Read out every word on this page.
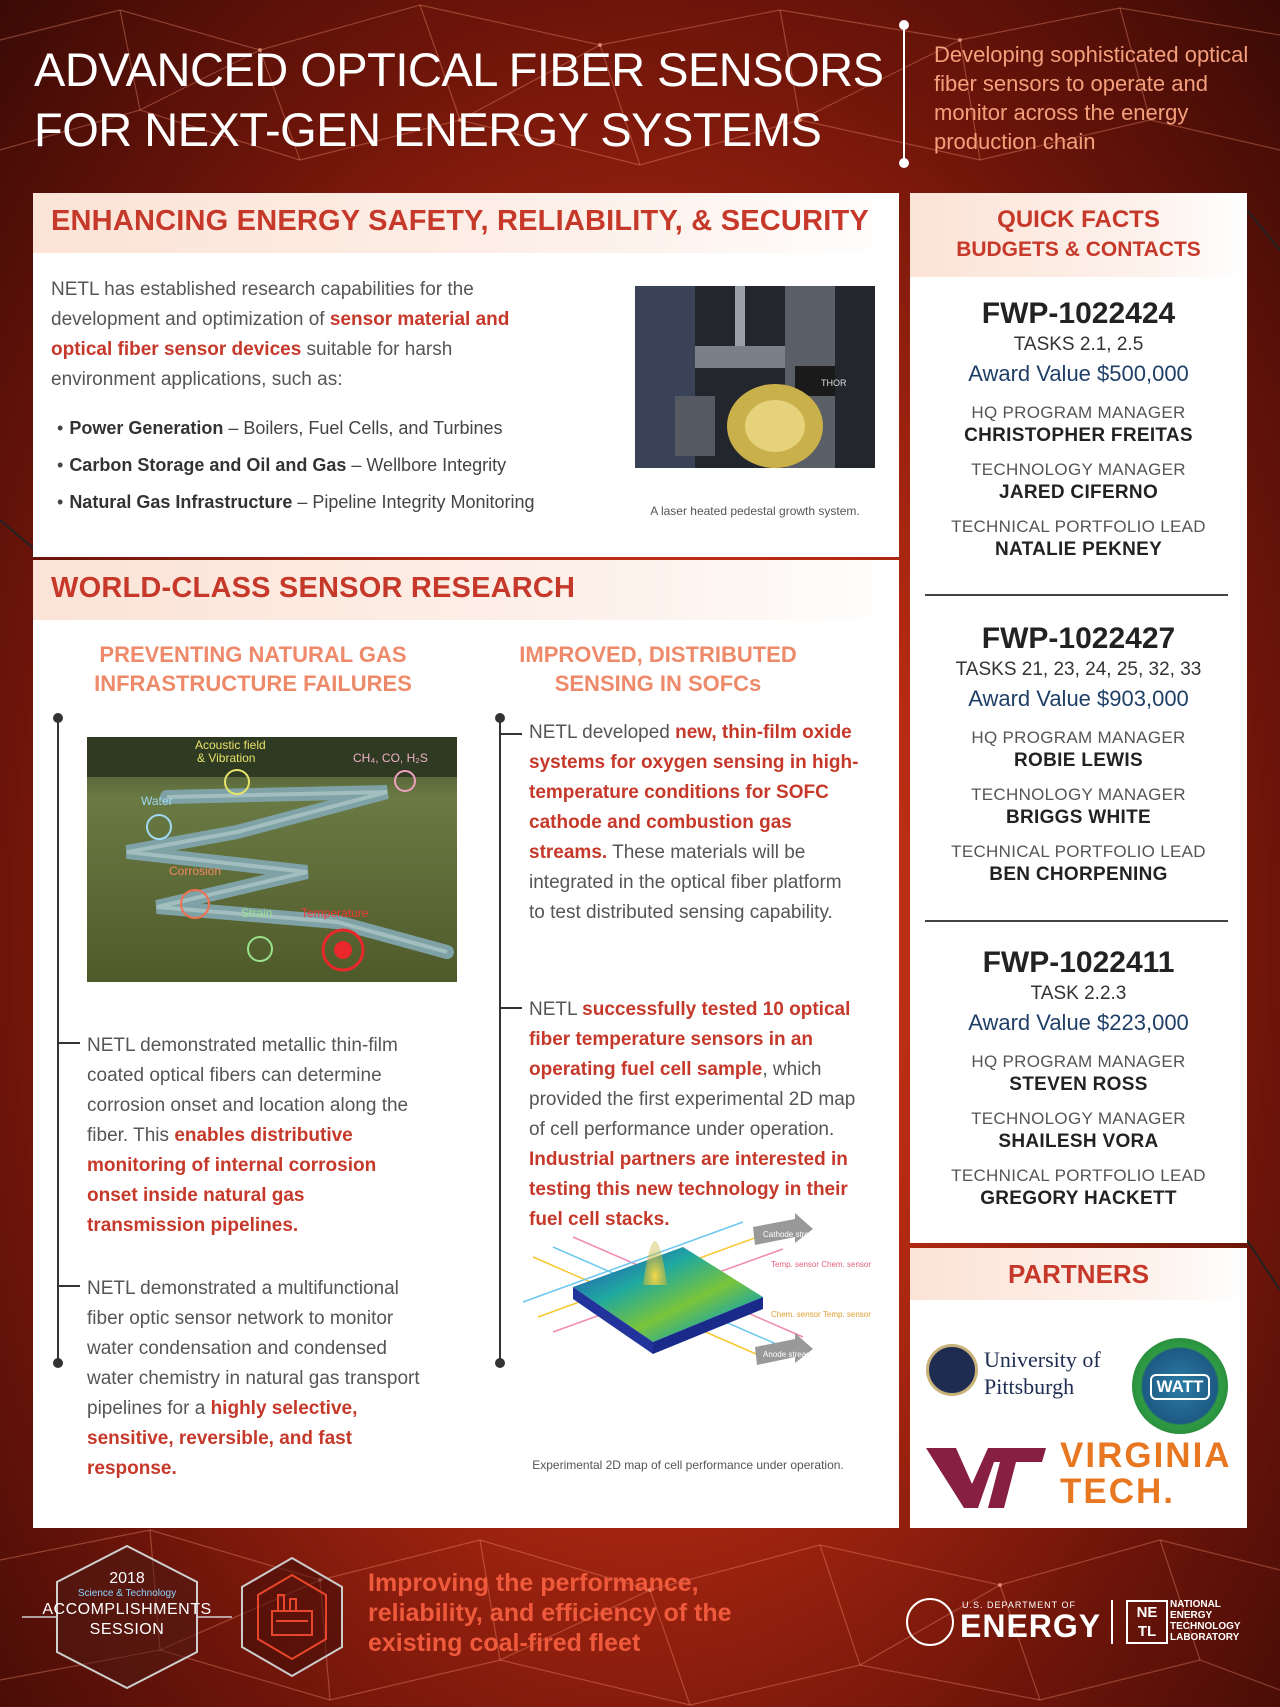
ADVANCED OPTICAL FIBER SENSORS
FOR NEXT-GEN ENERGY SYSTEMS
Developing sophisticated optical fiber sensors to operate and monitor across the energy production chain
ENHANCING ENERGY SAFETY, RELIABILITY, & SECURITY

NETL has established research capabilities for the development and optimization of sensor material and optical fiber sensor devices suitable for harsh environment applications, such as:

• Power Generation – Boilers, Fuel Cells, and Turbines
• Carbon Storage and Oil and Gas – Wellbore Integrity
• Natural Gas Infrastructure – Pipeline Integrity Monitoring
THOR
A laser heated pedestal growth system.
WORLD-CLASS SENSOR RESEARCH
PREVENTING NATURAL GAS
INFRASTRUCTURE FAILURES
Acoustic field
& Vibration	CH₄, CO, H₂S
Water
Corrosion
Strain Temperature

NETL demonstrated metallic thin-film coated optical fibers can determine corrosion onset and location along the fiber. This enables distributive monitoring of internal corrosion onset inside natural gas transmission pipelines.

NETL demonstrated a multifunctional fiber optic sensor network to monitor water condensation and condensed water chemistry in natural gas transport pipelines for a highly selective, sensitive, reversible, and fast response.

IMPROVED, DISTRIBUTED
SENSING IN SOFCs

NETL developed new, thin-film oxide systems for oxygen sensing in high-temperature conditions for SOFC cathode and combustion gas streams. These materials will be integrated in the optical fiber platform to test distributed sensing capability.

NETL successfully tested 10 optical fiber temperature sensors in an operating fuel cell sample, which provided the first experimental 2D map of cell performance under operation. Industrial partners are interested in testing this new technology in their fuel cell stacks.

Cathode stream
Anode stream
Temp. sensor Chem. sensor
Chem. sensor Temp. sensor
Experimental 2D map of cell performance under operation.
QUICK FACTS
BUDGETS & CONTACTS
FWP-1022424
TASKS 2.1, 2.5
Award Value $500,000
HQ PROGRAM MANAGER
CHRISTOPHER FREITAS
TECHNOLOGY MANAGER
JARED CIFERNO
TECHNICAL PORTFOLIO LEAD
NATALIE PEKNEY
FWP-1022427
TASKS 21, 23, 24, 25, 32, 33
Award Value $903,000
HQ PROGRAM MANAGER
ROBIE LEWIS
TECHNOLOGY MANAGER
BRIGGS WHITE
TECHNICAL PORTFOLIO LEAD
BEN CHORPENING
FWP-1022411
TASK 2.2.3
Award Value $223,000
HQ PROGRAM MANAGER
STEVEN ROSS
TECHNOLOGY MANAGER
SHAILESH VORA
TECHNICAL PORTFOLIO LEAD
GREGORY HACKETT
PARTNERS
University of
Pittsburgh	WATT
VIRGINIA
TECH.
2018
Science & Technology
ACCOMPLISHMENTS
SESSION
Improving the performance, reliability, and efficiency of the existing coal-fired fleet
U.S. DEPARTMENT OF
ENERGY	NE
TL
NATIONAL
ENERGY
TECHNOLOGY
LABORATORY
